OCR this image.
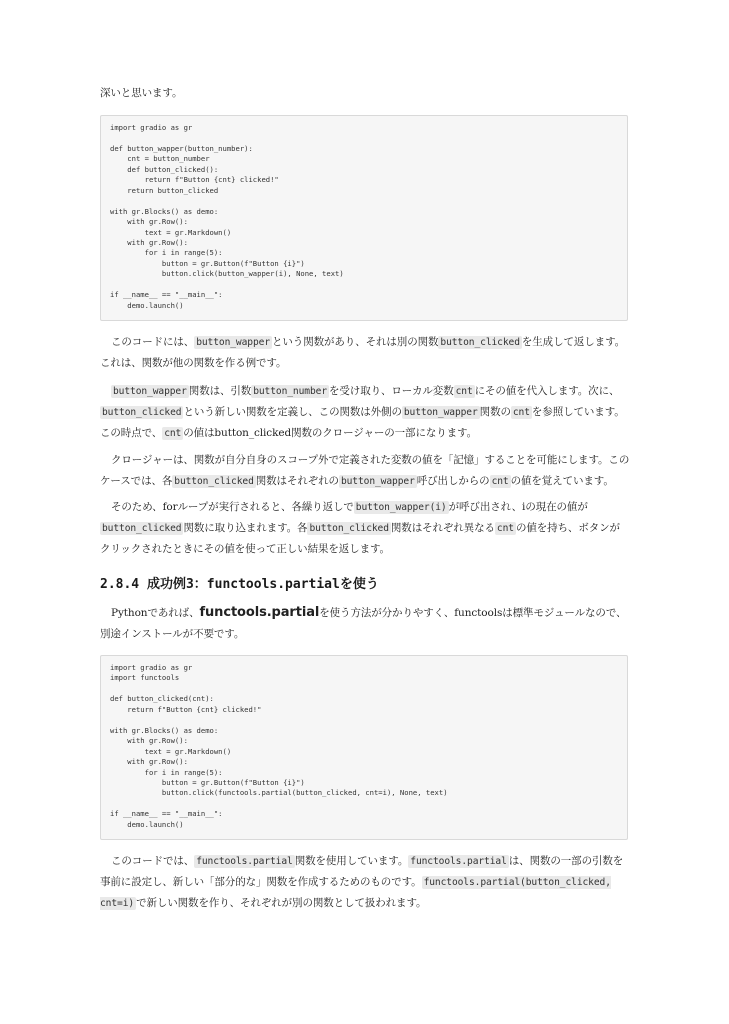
深いと思います。
import gradio as gr

def button_wapper(button_number):
cnt = button_number
def button_clicked():
return f"Button {cnt} clicked!"
return button_clicked

with gr.Blocks() as demo:
with gr.Row():
text = gr.Markdown()
with gr.Row():
for i in range(5):
button = gr.Button(f"Button {i}")
button.click(button_wapper(i), None, text)

if __name__ == "__main__":
demo.launch()
このコードには、 button_wapper という関数があり、それは別の関数 button_clicked を生成して返します。これは、関数が他の関数を作る例です。
button_wapper 関数は、引数 button_number を受け取り、ローカル変数 cnt にその値を代入します。次に、button_clicked という新しい関数を定義し、この関数は外側の button_wapper 関数の cnt を参照しています。この時点で、 cnt の値はbutton_clicked関数のクロージャーの一部になります。
クロージャーは、関数が自分自身のスコープ外で定義された変数の値を「記憶」することを可能にします。このケースでは、各 button_clicked 関数はそれぞれの button_wapper 呼び出しからの cnt の値を覚えています。
そのため、forループが実行されると、各繰り返しで button_wapper(i) が呼び出され、iの現在の値がbutton_clicked 関数に取り込まれます。各 button_clicked 関数はそれぞれ異なる cnt の値を持ち、ボタンがクリックされたときにその値を使って正しい結果を返します。
2.8.4 成功例3：functools.partialを使う
Pythonであれば、functools.partialを使う方法が分かりやすく、functoolsは標準モジュールなので、別途インストールが不要です。
import gradio as gr
import functools

def button_clicked(cnt):
return f"Button {cnt} clicked!"

with gr.Blocks() as demo:
with gr.Row():
text = gr.Markdown()
with gr.Row():
for i in range(5):
button = gr.Button(f"Button {i}")
button.click(functools.partial(button_clicked, cnt=i), None, text)

if __name__ == "__main__":
demo.launch()
このコードでは、 functools.partial 関数を使用しています。 functools.partial は、関数の一部の引数を事前に設定し、新しい「部分的な」関数を作成するためのものです。 functools.partial(button_clicked, cnt=i) で新しい関数を作り、それぞれが別の関数として扱われます。
